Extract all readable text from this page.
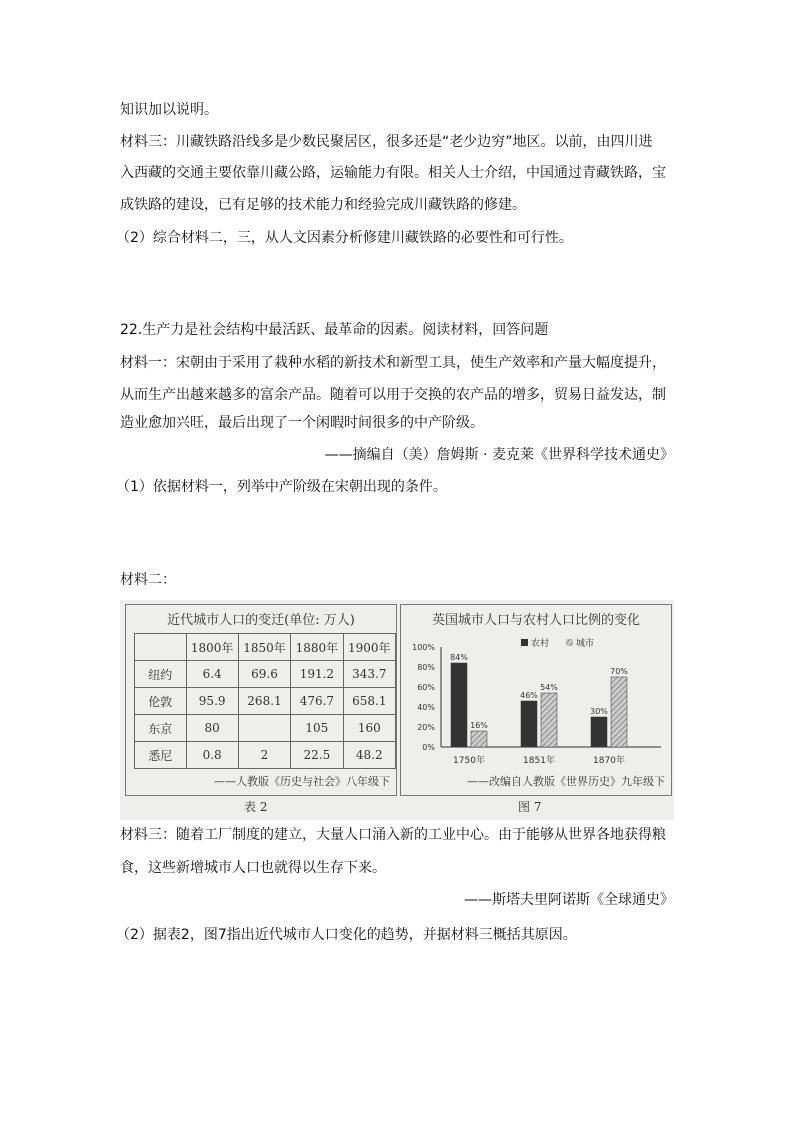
知识加以说明。
材料三：川藏铁路沿线多是少数民聚居区，很多还是“老少边穷”地区。以前，由四川进
入西藏的交通主要依靠川藏公路，运输能力有限。相关人士介绍，中国通过青藏铁路，宝
成铁路的建设，已有足够的技术能力和经验完成川藏铁路的修建。
（2）综合材料二，三，从人文因素分析修建川藏铁路的必要性和可行性。
22.生产力是社会结构中最活跃、最革命的因素。阅读材料，回答问题
材料一：宋朝由于采用了栽种水稻的新技术和新型工具，使生产效率和产量大幅度提升，
从而生产出越来越多的富余产品。随着可以用于交换的农产品的增多，贸易日益发达，制
造业愈加兴旺，最后出现了一个闲暇时间很多的中产阶级。
——摘编自（美）詹姆斯 · 麦克莱《世界科学技术通史》
（1）依据材料一，列举中产阶级在宋朝出现的条件。
材料二：
近代城市人口的变迁(单位: 万人)
	1800年	1850年	1880年	1900年
纽约	6.4	69.6	191.2	343.7
伦敦	95.9	268.1	476.7	658.1
东京	80		105	160
悉尼	0.8	2	22.5	48.2
——人教版《历史与社会》八年级下
表 2
英国城市人口与农村人口比例的变化
0%
20%
40%
60%
80%
100%
84%
16%
1750年
46%
54%
1851年
30%
70%
1870年
农村	城市
——改编自人教版《世界历史》九年级下
图 7
材料三：随着工厂制度的建立，大量人口涌入新的工业中心。由于能够从世界各地获得粮
食，这些新增城市人口也就得以生存下来。
——斯塔夫里阿诺斯《全球通史》
（2）据表2，图7指出近代城市人口变化的趋势，并据材料三概括其原因。
